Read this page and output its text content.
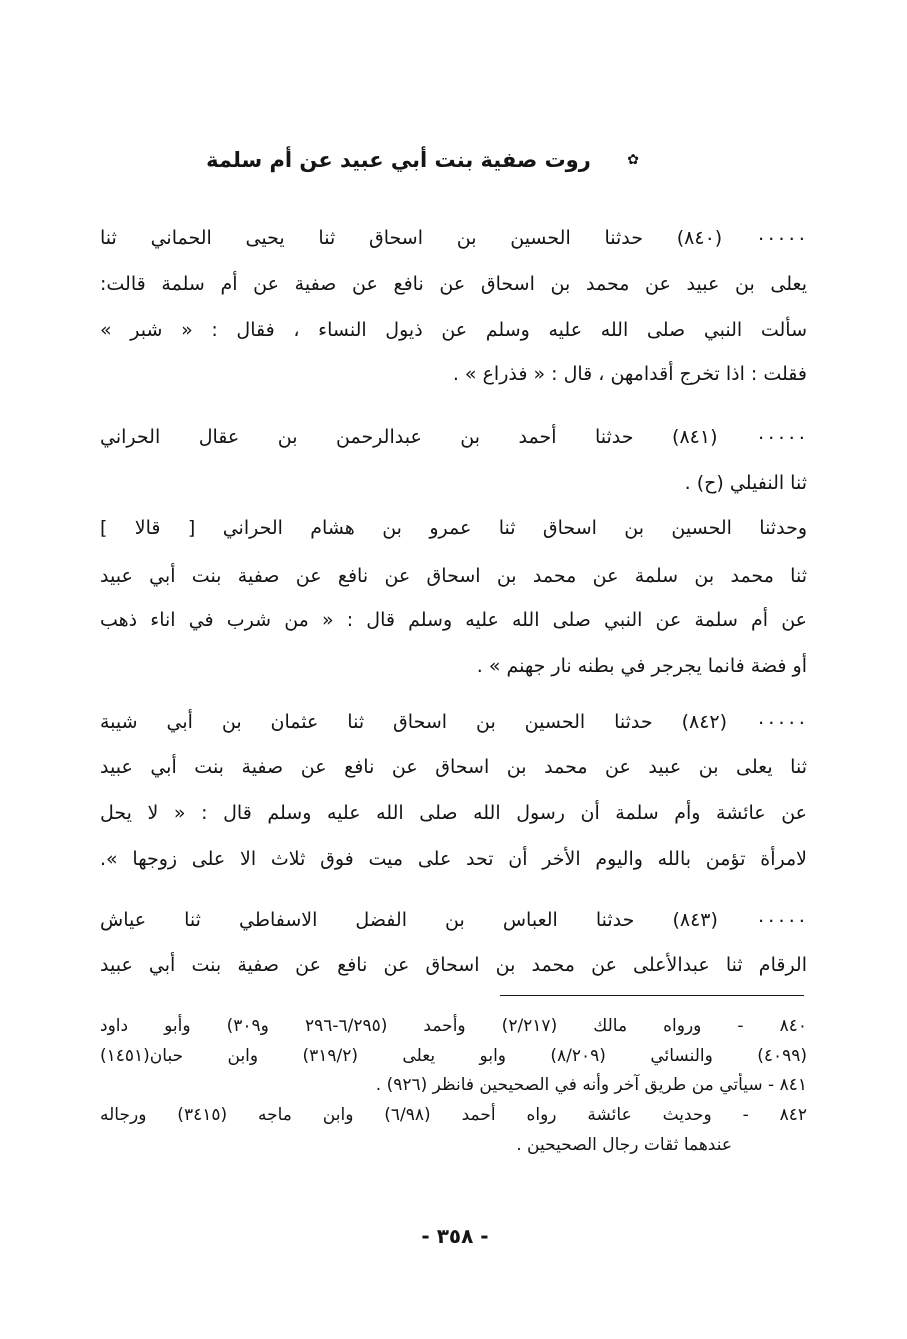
✿
روت صفية بنت أبي عبيد عن أم سلمة
٠٠٠٠٠ (٨٤٠) حدثنا الحسين بن اسحاق ثنا يحيى الحماني ثنا
يعلى بن عبيد عن محمد بن اسحاق عن نافع عن صفية عن أم سلمة قالت:
سألت النبي صلى الله عليه وسلم عن ذيول النساء ، فقال : « شبر »
فقلت : اذا تخرج أقدامهن ، قال : « فذراع » .
٠٠٠٠٠ (٨٤١) حدثنا أحمد بن عبدالرحمن بن عقال الحراني
ثنا النفيلي (ح) .
وحدثنا الحسين بن اسحاق ثنا عمرو بن هشام الحراني [ قالا ]
ثنا محمد بن سلمة عن محمد بن اسحاق عن نافع عن صفية بنت أبي عبيد
عن أم سلمة عن النبي صلى الله عليه وسلم قال : « من شرب في اناء ذهب
أو فضة فانما يجرجر في بطنه نار جهنم » .
٠٠٠٠٠ (٨٤٢) حدثنا الحسين بن اسحاق ثنا عثمان بن أبي شيبة
ثنا يعلى بن عبيد عن محمد بن اسحاق عن نافع عن صفية بنت أبي عبيد
عن عائشة وأم سلمة أن رسول الله صلى الله عليه وسلم قال : « لا يحل
لامرأة تؤمن بالله واليوم الأخر أن تحد على ميت فوق ثلاث الا على زوجها ».
٠٠٠٠٠ (٨٤٣) حدثنا العباس بن الفضل الاسفاطي ثنا عياش
الرقام ثنا عبدالأعلى عن محمد بن اسحاق عن نافع عن صفية بنت أبي عبيد
٨٤٠ - ورواه مالك (٢/٢١٧) وأحمد (٦/٢٩٥-٢٩٦ و٣٠٩) وأبو داود
(٤٠٩٩) والنسائي (٨/٢٠٩) وابو يعلى (٣١٩/٢) وابن حبان(١٤٥١)
٨٤١ - سيأتي من طريق آخر وأنه في الصحيحين فانظر (٩٢٦) .
٨٤٢ - وحديث عائشة رواه أحمد (٦/٩٨) وابن ماجه (٣٤١٥) ورجاله
عندهما ثقات رجال الصحيحين .
- ٣٥٨ -
